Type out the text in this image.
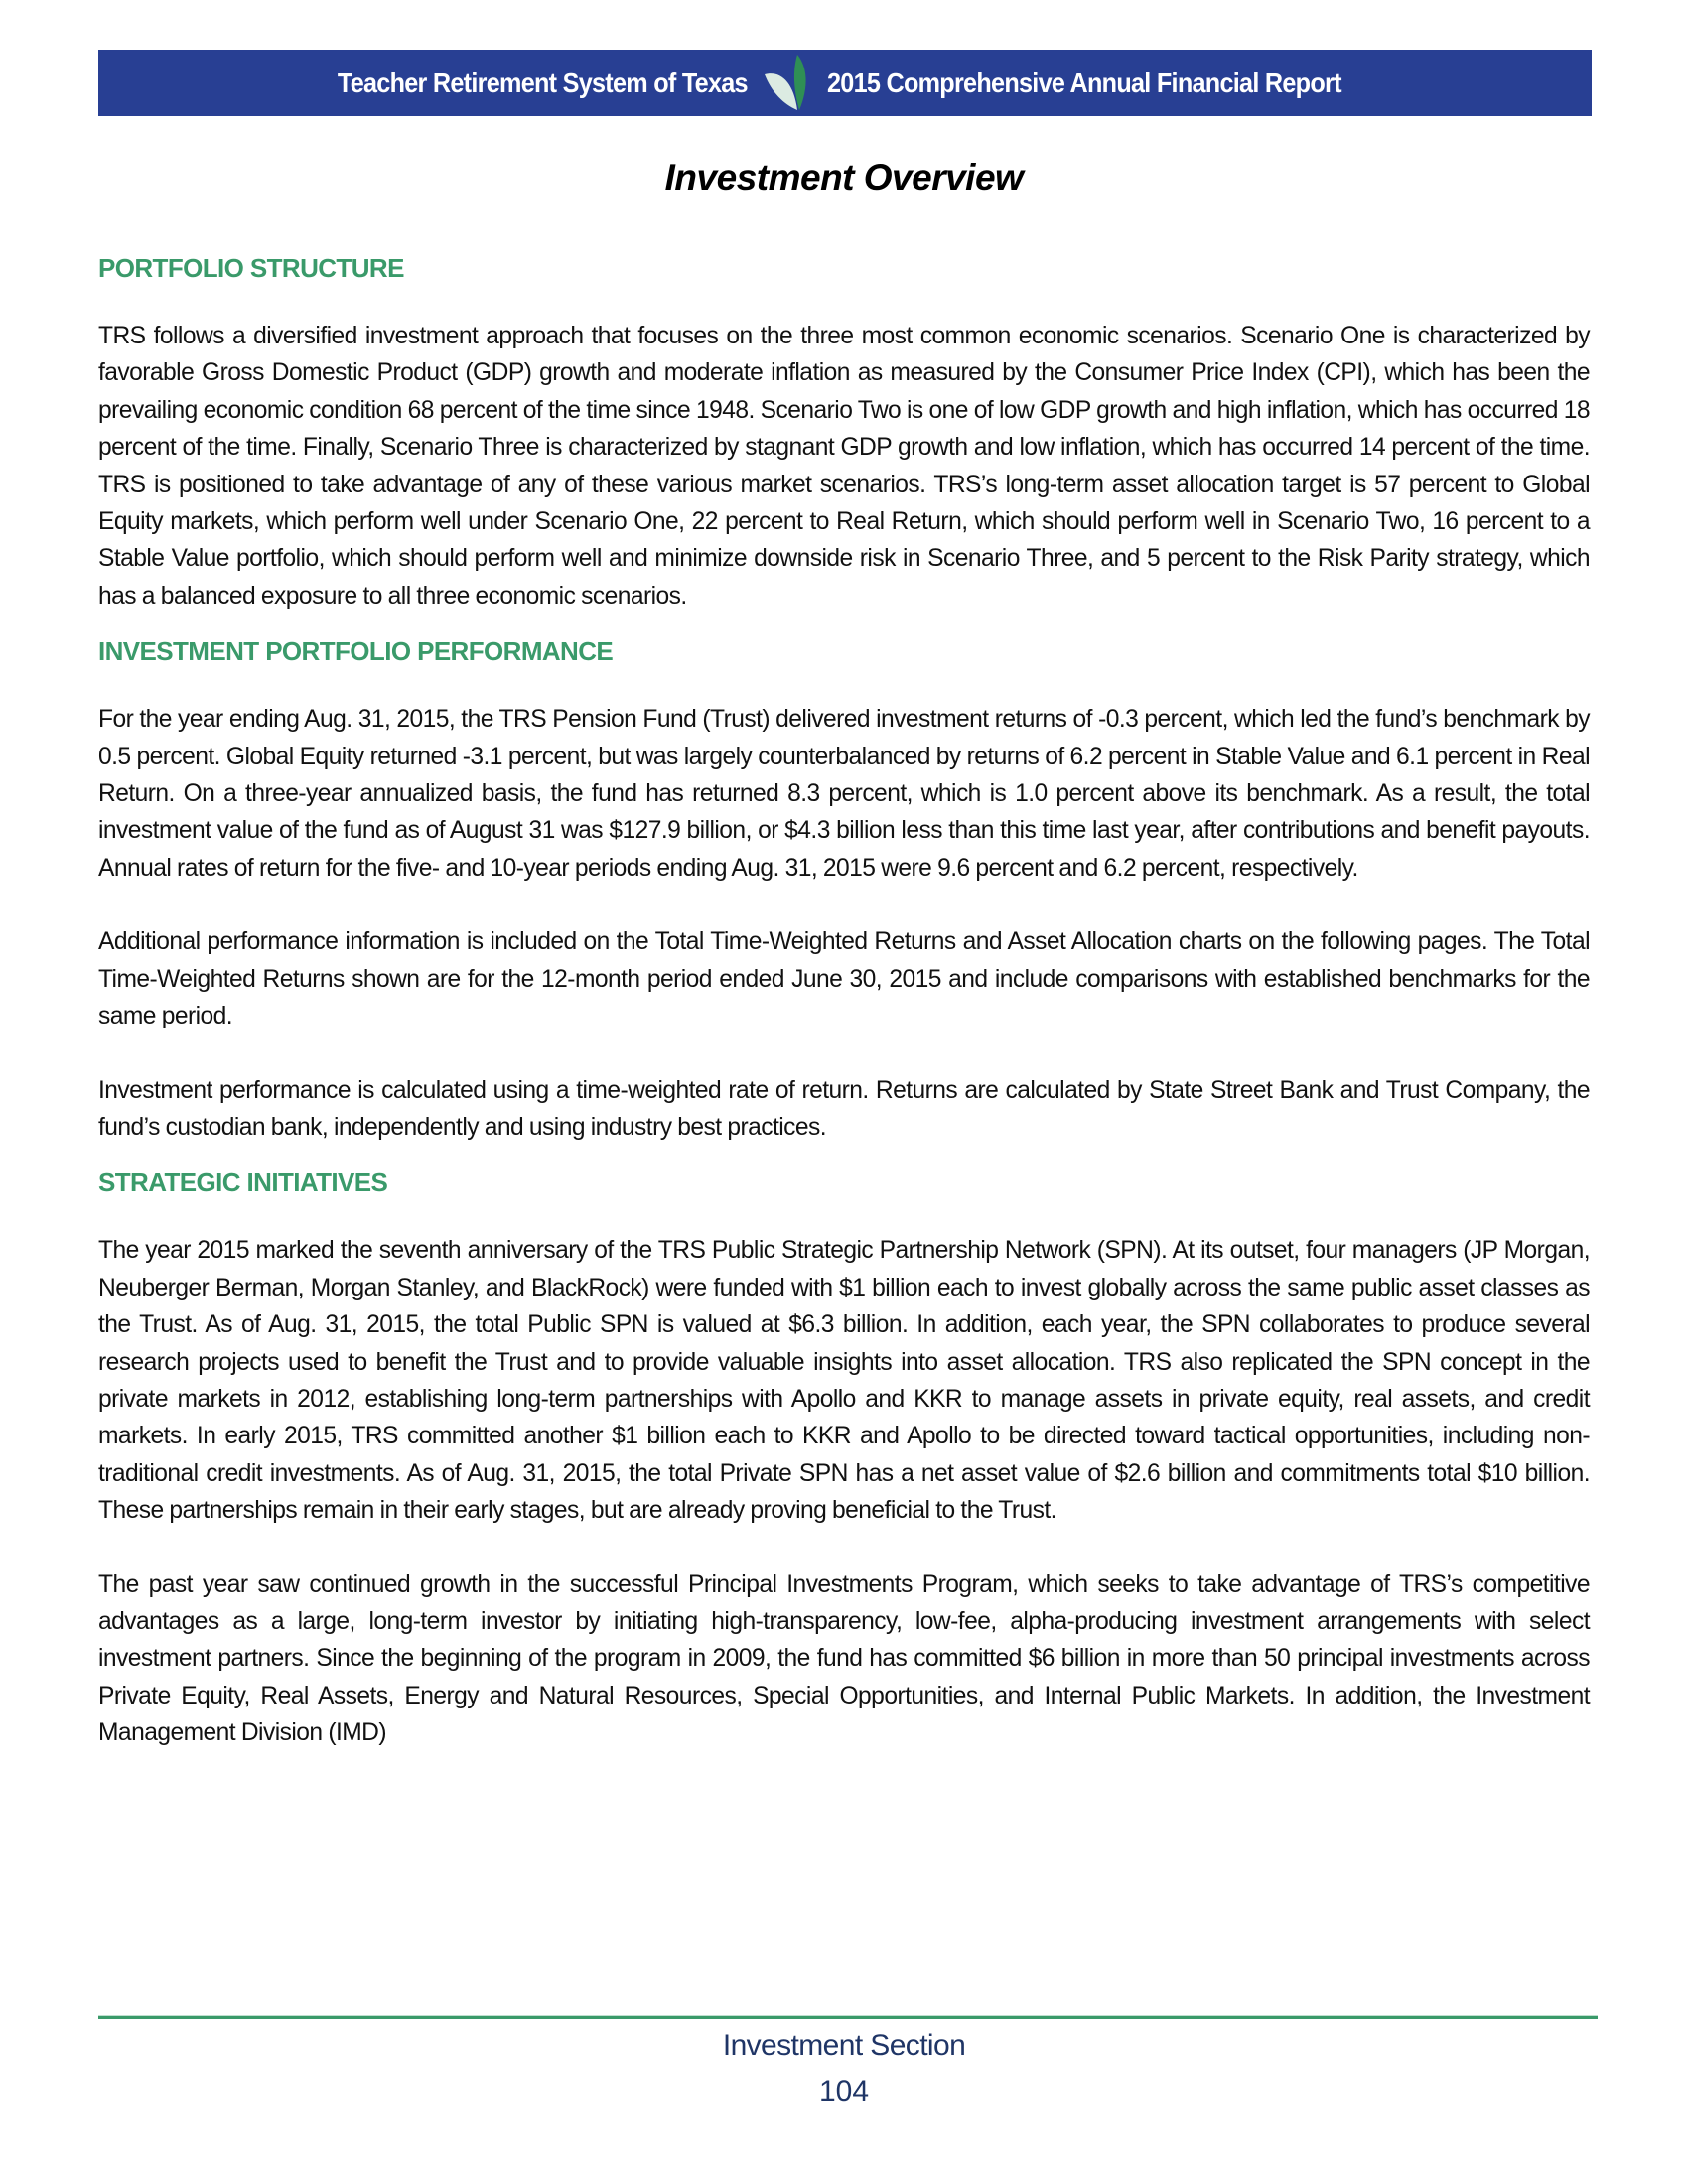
Teacher Retirement System of Texas	2015 Comprehensive Annual Financial Report
Investment Overview
PORTFOLIO STRUCTURE

TRS follows a diversified investment approach that focuses on the three most common economic scenarios. Scenario One is characterized by favorable Gross Domestic Product (GDP) growth and moderate inflation as measured by the Consumer Price Index (CPI), which has been the prevailing economic condition 68 percent of the time since 1948. Scenario Two is one of low GDP growth and high inflation, which has occurred 18 percent of the time. Finally, Scenario Three is characterized by stagnant GDP growth and low inflation, which has occurred 14 percent of the time. TRS is positioned to take advantage of any of these various market scenarios. TRS’s long-term asset allocation target is 57 percent to Global Equity markets, which perform well under Scenario One, 22 percent to Real Return, which should perform well in Scenario Two, 16 percent to a Stable Value portfolio, which should perform well and minimize downside risk in Scenario Three, and 5 percent to the Risk Parity strategy, which has a balanced exposure to all three economic scenarios.

INVESTMENT PORTFOLIO PERFORMANCE

For the year ending Aug. 31, 2015, the TRS Pension Fund (Trust) delivered investment returns of -0.3 percent, which led the fund’s benchmark by 0.5 percent. Global Equity returned -3.1 percent, but was largely counterbalanced by returns of 6.2 percent in Stable Value and 6.1 percent in Real Return. On a three-year annualized basis, the fund has returned 8.3 percent, which is 1.0 percent above its benchmark. As a result, the total investment value of the fund as of August 31 was $127.9 billion, or $4.3 billion less than this time last year, after contributions and benefit payouts. Annual rates of return for the five- and 10-year periods ending Aug. 31, 2015 were 9.6 percent and 6.2 percent, respectively.

Additional performance information is included on the Total Time-Weighted Returns and Asset Allocation charts on the following pages. The Total Time-Weighted Returns shown are for the 12-month period ended June 30, 2015 and include comparisons with established benchmarks for the same period.

Investment performance is calculated using a time-weighted rate of return. Returns are calculated by State Street Bank and Trust Company, the fund’s custodian bank, independently and using industry best practices.

STRATEGIC INITIATIVES

The year 2015 marked the seventh anniversary of the TRS Public Strategic Partnership Network (SPN). At its outset, four managers (JP Morgan, Neuberger Berman, Morgan Stanley, and BlackRock) were funded with $1 billion each to invest globally across the same public asset classes as the Trust. As of Aug. 31, 2015, the total Public SPN is valued at $6.3 billion. In addition, each year, the SPN collaborates to produce several research projects used to benefit the Trust and to provide valuable insights into asset allocation. TRS also replicated the SPN concept in the private markets in 2012, establishing long-term partnerships with Apollo and KKR to manage assets in private equity, real assets, and credit markets. In early 2015, TRS committed another $1 billion each to KKR and Apollo to be directed toward tactical opportunities, including non-traditional credit investments. As of Aug. 31, 2015, the total Private SPN has a net asset value of $2.6 billion and commitments total $10 billion. These partnerships remain in their early stages, but are already proving beneficial to the Trust.

The past year saw continued growth in the successful Principal Investments Program, which seeks to take advantage of TRS’s competitive advantages as a large, long-term investor by initiating high-transparency, low-fee, alpha-producing investment arrangements with select investment partners. Since the beginning of the program in 2009, the fund has committed $6 billion in more than 50 principal investments across Private Equity, Real Assets, Energy and Natural Resources, Special Opportunities, and Internal Public Markets. In addition, the Investment Management Division (IMD)

Investment Section
104
